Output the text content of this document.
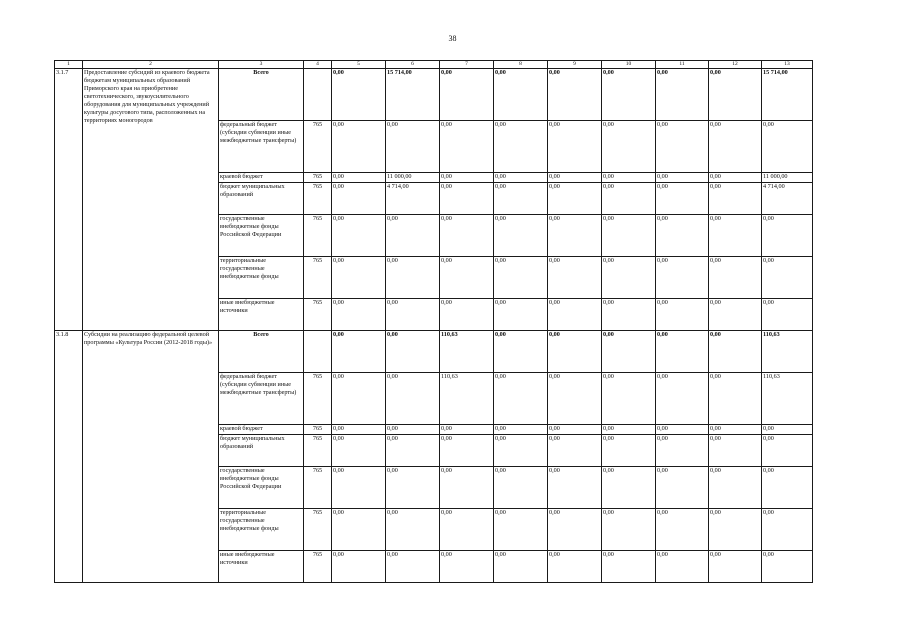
38
1	2	3	4	5	6	7	8	9	10	11	12	13
3.1.7	Предоставление субсидий из краевого бюджета бюджетам муниципальных образований Приморского края на приобретение светотехнического, звукоусилительного оборудования для муниципальных учреждений культуры досугового типа, расположенных на территориях моногородов	Всего		0,00	15 714,00	0,00	0,00	0,00	0,00	0,00	0,00	15 714,00
		федеральный бюджет (субсидии субвенции иные межбюджетные трансферты)	765	0,00	0,00	0,00	0,00	0,00	0,00	0,00	0,00	0,00
		краевой бюджет	765	0,00	11 000,00	0,00	0,00	0,00	0,00	0,00	0,00	11 000,00
		бюджет муниципальных образований	765	0,00	4 714,00	0,00	0,00	0,00	0,00	0,00	0,00	4 714,00
		государственные внебюджетные фонды Российской Федерации	765	0,00	0,00	0,00	0,00	0,00	0,00	0,00	0,00	0,00
		территориальные государственные внебюджетные фонды	765	0,00	0,00	0,00	0,00	0,00	0,00	0,00	0,00	0,00
		иные внебюджетные источники	765	0,00	0,00	0,00	0,00	0,00	0,00	0,00	0,00	0,00
3.1.8	Субсидии на реализацию федеральной целевой программы «Культура России (2012-2018 годы)»	Всего		0,00	0,00	110,63	0,00	0,00	0,00	0,00	0,00	110,63
		федеральный бюджет (субсидии субвенции иные межбюджетные трансферты)	765	0,00	0,00	110,63	0,00	0,00	0,00	0,00	0,00	110,63
		краевой бюджет	765	0,00	0,00	0,00	0,00	0,00	0,00	0,00	0,00	0,00
		бюджет муниципальных образований	765	0,00	0,00	0,00	0,00	0,00	0,00	0,00	0,00	0,00
		государственные внебюджетные фонды Российской Федерации	765	0,00	0,00	0,00	0,00	0,00	0,00	0,00	0,00	0,00
		территориальные государственные внебюджетные фонды	765	0,00	0,00	0,00	0,00	0,00	0,00	0,00	0,00	0,00
		иные внебюджетные источники	765	0,00	0,00	0,00	0,00	0,00	0,00	0,00	0,00	0,00
